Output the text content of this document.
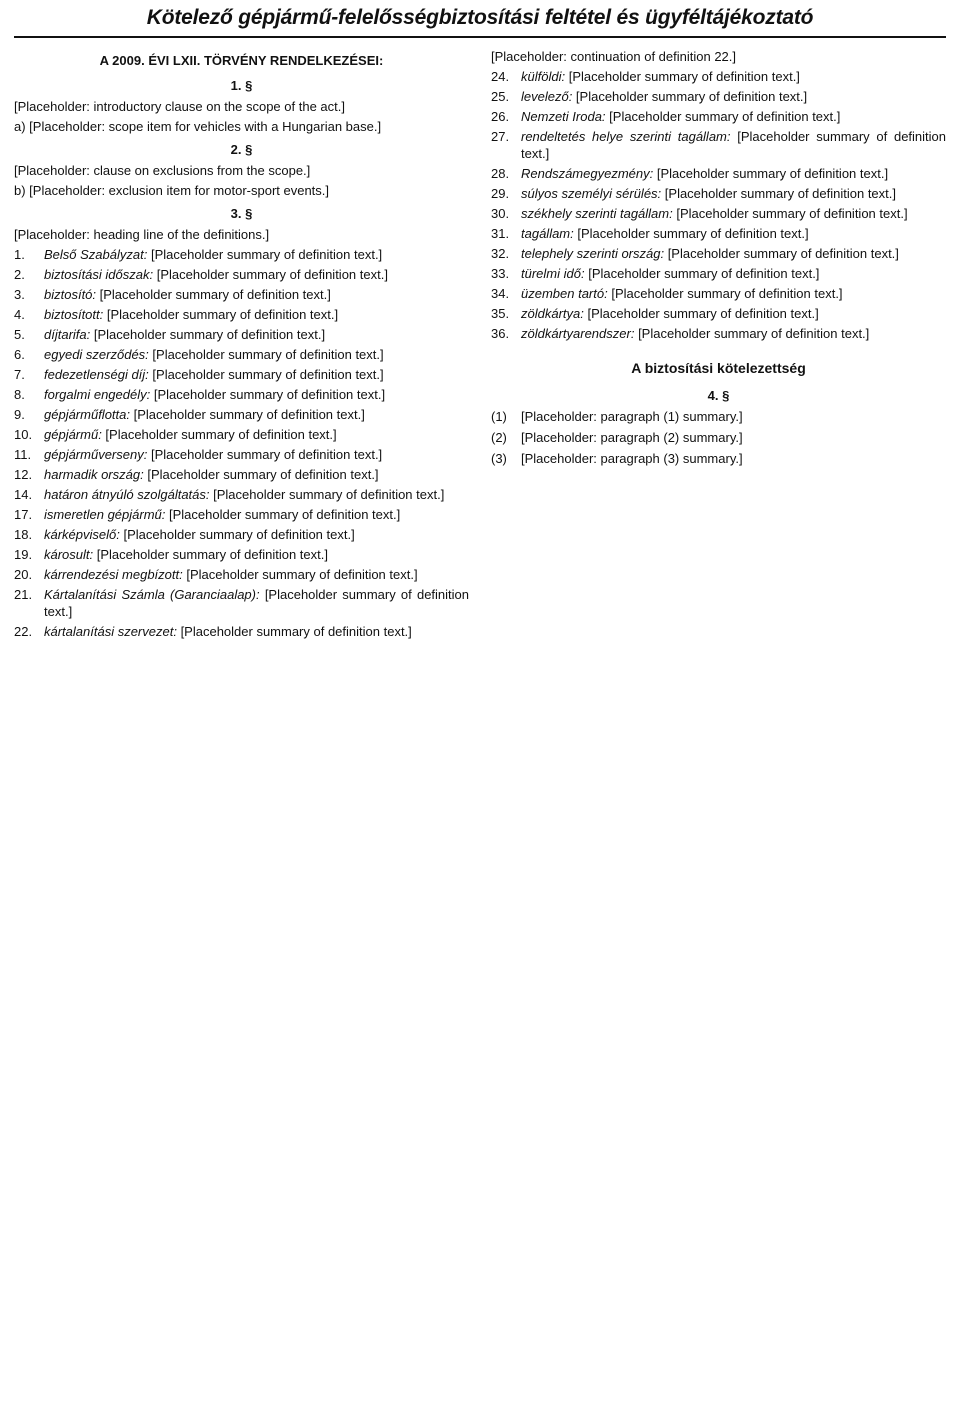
Kötelező gépjármű-felelősségbiztosítási feltétel és ügyféltájékoztató
A 2009. ÉVI LXII. TÖRVÉNY RENDELKEZÉSEI:
1. §

[Placeholder: introductory clause on the scope of the act.]

a) [Placeholder: scope item for vehicles with a Hungarian base.]

2. §

[Placeholder: clause on exclusions from the scope.]

b) [Placeholder: exclusion item for motor-sport events.]

3. §

[Placeholder: heading line of the definitions.]

1.	Belső Szabályzat: [Placeholder summary of definition text.]
2.	biztosítási időszak: [Placeholder summary of definition text.]
3.	biztosító: [Placeholder summary of definition text.]
4.	biztosított: [Placeholder summary of definition text.]
5.	díjtarifa: [Placeholder summary of definition text.]
6.	egyedi szerződés: [Placeholder summary of definition text.]
7.	fedezetlenségi díj: [Placeholder summary of definition text.]
8.	forgalmi engedély: [Placeholder summary of definition text.]
9.	gépjárműflotta: [Placeholder summary of definition text.]
10. gépjármű: [Placeholder summary of definition text.]
11. gépjárműverseny: [Placeholder summary of definition text.]
12. harmadik ország: [Placeholder summary of definition text.]
14. határon átnyúló szolgáltatás: [Placeholder summary of definition text.]
17. ismeretlen gépjármű: [Placeholder summary of definition text.]
18. kárképviselő: [Placeholder summary of definition text.]
19. károsult: [Placeholder summary of definition text.]
20. kárrendezési megbízott: [Placeholder summary of definition text.]
21. Kártalanítási Számla (Garanciaalap): [Placeholder summary of definition text.]
22. kártalanítási szervezet: [Placeholder summary of definition text.]

[Placeholder: continuation of definition 22.]

24. külföldi: [Placeholder summary of definition text.]
25. levelező: [Placeholder summary of definition text.]
26. Nemzeti Iroda: [Placeholder summary of definition text.]
27. rendeltetés helye szerinti tagállam: [Placeholder summary of definition text.]
28. Rendszámegyezmény: [Placeholder summary of definition text.]
29. súlyos személyi sérülés: [Placeholder summary of definition text.]
30. székhely szerinti tagállam: [Placeholder summary of definition text.]
31. tagállam: [Placeholder summary of definition text.]
32. telephely szerinti ország: [Placeholder summary of definition text.]
33. türelmi idő: [Placeholder summary of definition text.]
34. üzemben tartó: [Placeholder summary of definition text.]
35. zöldkártya: [Placeholder summary of definition text.]
36. zöldkártyarendszer: [Placeholder summary of definition text.]
A biztosítási kötelezettség
4. §
(1)	[Placeholder: paragraph (1) summary.]
(2)	[Placeholder: paragraph (2) summary.]
(3)	[Placeholder: paragraph (3) summary.]
